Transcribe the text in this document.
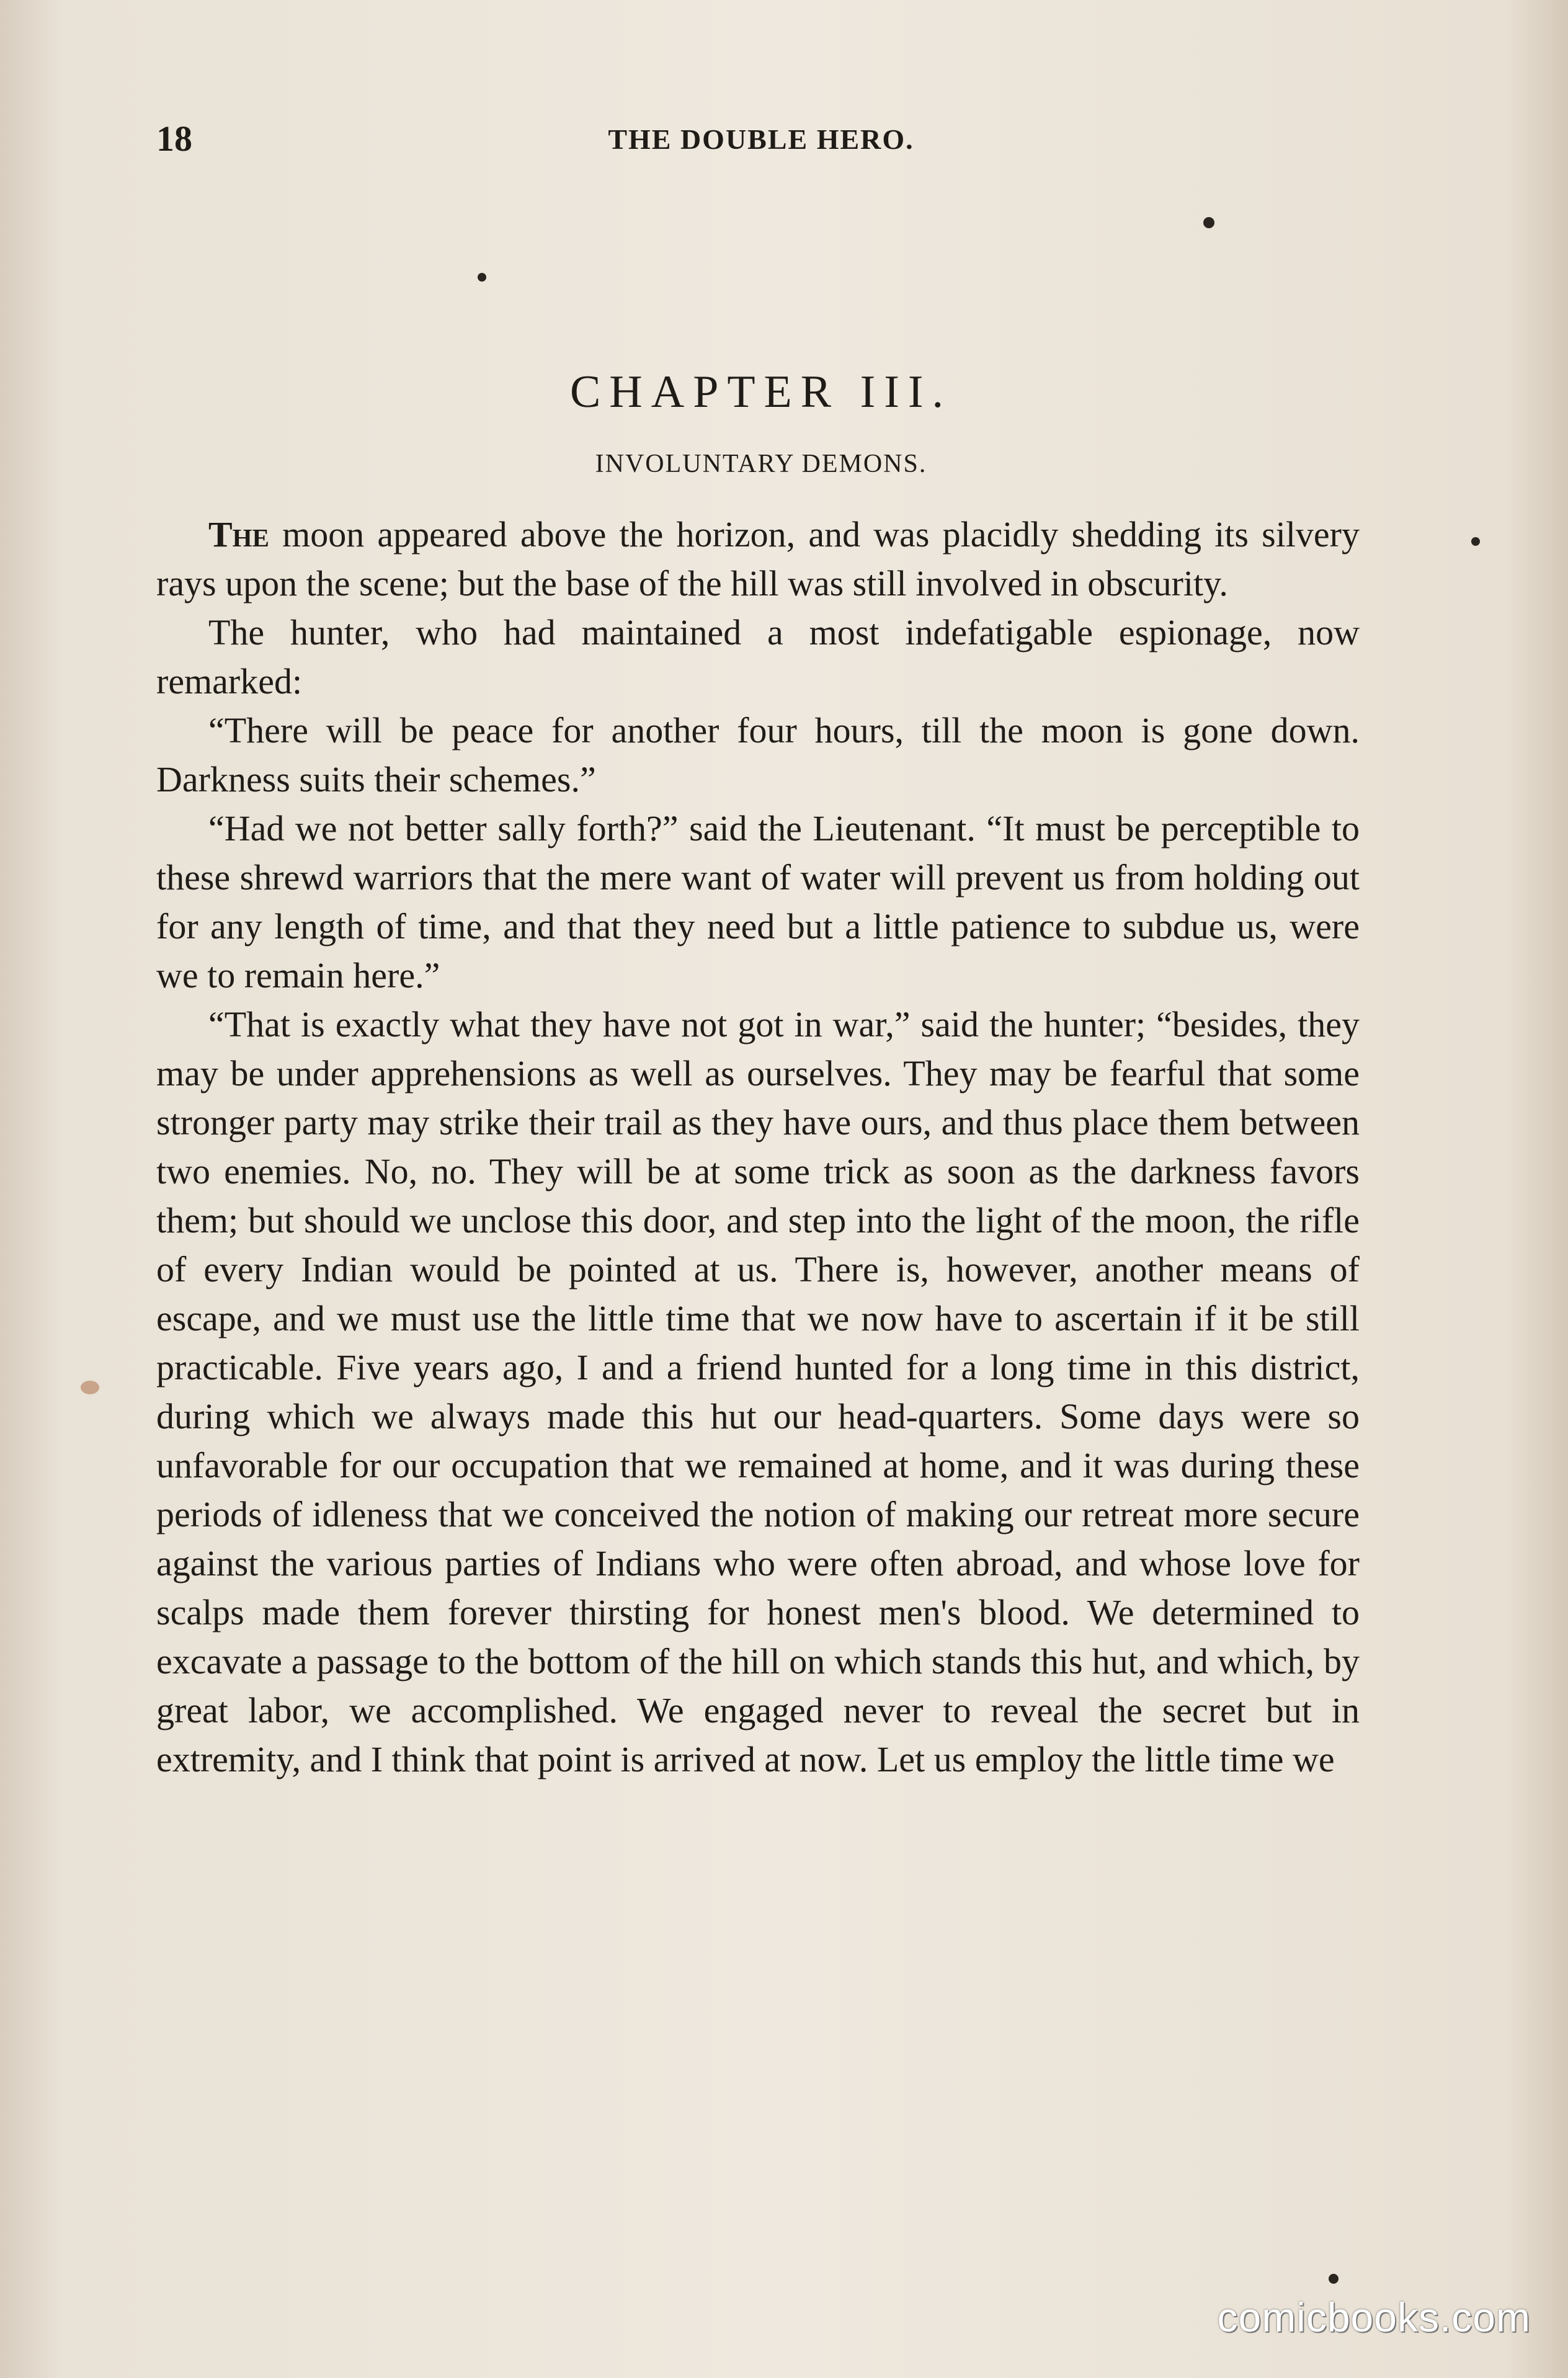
18	THE DOUBLE HERO.
CHAPTER III.
INVOLUNTARY DEMONS.

The moon appeared above the horizon, and was placidly shedding its silvery rays upon the scene; but the base of the hill was still involved in obscurity.

The hunter, who had maintained a most indefatigable espionage, now remarked:

“There will be peace for another four hours, till the moon is gone down. Darkness suits their schemes.”

“Had we not better sally forth?” said the Lieutenant. “It must be perceptible to these shrewd warriors that the mere want of water will prevent us from holding out for any length of time, and that they need but a little patience to subdue us, were we to remain here.”

“That is exactly what they have not got in war,” said the hunter; “besides, they may be under apprehensions as well as ourselves. They may be fearful that some stronger party may strike their trail as they have ours, and thus place them between two enemies. No, no. They will be at some trick as soon as the darkness favors them; but should we unclose this door, and step into the light of the moon, the rifle of every Indian would be pointed at us. There is, however, another means of escape, and we must use the little time that we now have to ascertain if it be still practicable. Five years ago, I and a friend hunted for a long time in this district, during which we always made this hut our head-quarters. Some days were so unfavorable for our occupation that we remained at home, and it was during these periods of idleness that we conceived the notion of making our retreat more secure against the various parties of Indians who were often abroad, and whose love for scalps made them forever thirsting for honest men's blood. We determined to excavate a passage to the bottom of the hill on which stands this hut, and which, by great labor, we accomplished. We engaged never to reveal the secret but in extremity, and I think that point is arrived at now. Let us employ the little time we

comicbooks.com
